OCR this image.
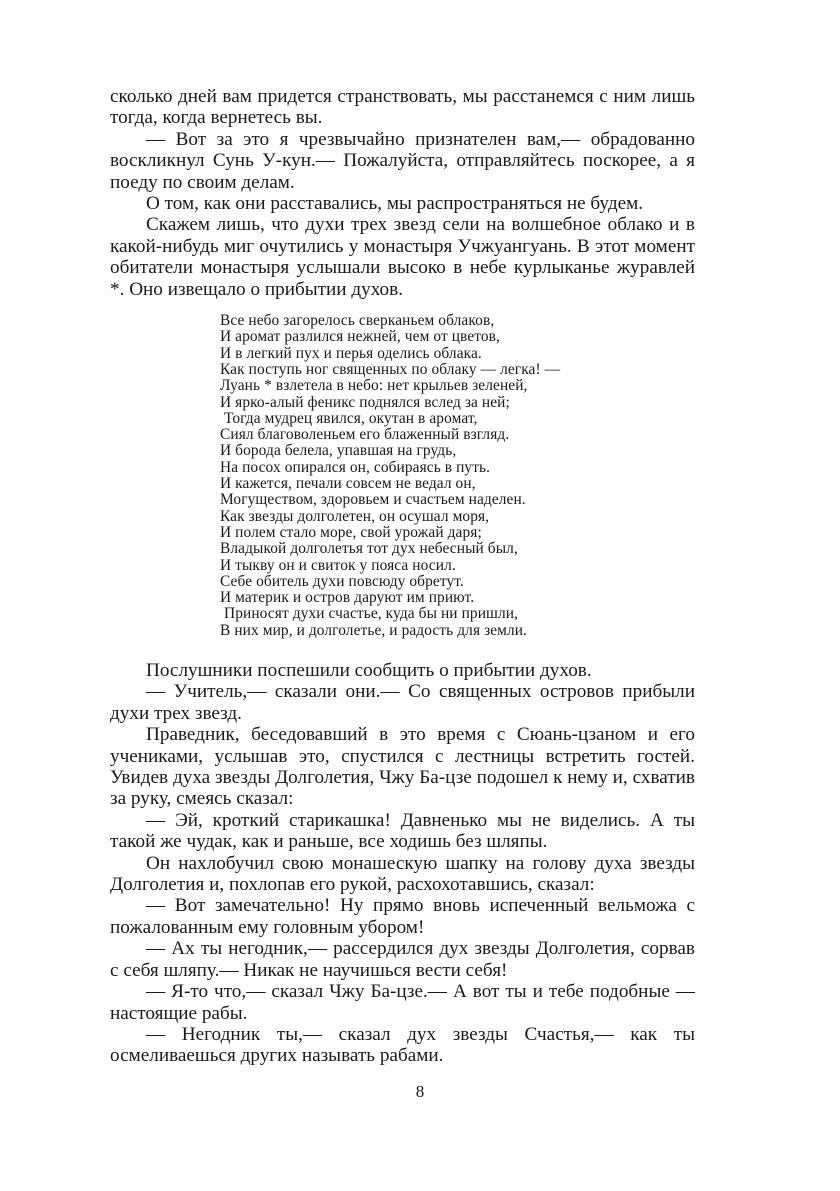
сколько дней вам придется странствовать, мы расстанемся с ним лишь тогда, когда вернетесь вы.

— Вот за это я чрезвычайно признателен вам,— обрадованно воскликнул Сунь У-кун.— Пожалуйста, отправляйтесь поскорее, а я поеду по своим делам.

О том, как они расставались, мы распространяться не будем.

Скажем лишь, что духи трех звезд сели на волшебное облако и в какой-нибудь миг очутились у монастыря Учжуангуань. В этот момент обитатели монастыря услышали высоко в небе курлыканье журавлей *. Оно извещало о прибытии духов.

Все небо загорелось сверканьем облаков,
И аромат разлился нежней, чем от цветов,
И в легкий пух и перья оделись облака.
Как поступь ног священных по облаку — легка! —
Луань * взлетела в небо: нет крыльев зеленей,
И ярко-алый феникс поднялся вслед за ней;
Тогда мудрец явился, окутан в аромат,
Сиял благоволеньем его блаженный взгляд.
И борода белела, упавшая на грудь,
На посох опирался он, собираясь в путь.
И кажется, печали совсем не ведал он,
Могуществом, здоровьем и счастьем наделен.
Как звезды долголетен, он осушал моря,
И полем стало море, свой урожай даря;
Владыкой долголетья тот дух небесный был,
И тыкву он и свиток у пояса носил.
Себе обитель духи повсюду обретут.
И материк и остров даруют им приют.
Приносят духи счастье, куда бы ни пришли,
В них мир, и долголетье, и радость для земли.

Послушники поспешили сообщить о прибытии духов.

— Учитель,— сказали они.— Со священных островов прибыли духи трех звезд.

Праведник, беседовавший в это время с Сюань-цзаном и его учениками, услышав это, спустился с лестницы встретить гостей. Увидев духа звезды Долголетия, Чжу Ба-цзе подошел к нему и, схватив за руку, смеясь сказал:

— Эй, кроткий старикашка! Давненько мы не виделись. А ты такой же чудак, как и раньше, все ходишь без шляпы.

Он нахлобучил свою монашескую шапку на голову духа звезды Долголетия и, похлопав его рукой, расхохотавшись, сказал:

— Вот замечательно! Ну прямо вновь испеченный вельможа с пожалованным ему головным убором!

— Ах ты негодник,— рассердился дух звезды Долголетия, сорвав с себя шляпу.— Никак не научишься вести себя!

— Я-то что,— сказал Чжу Ба-цзе.— А вот ты и тебе подобные — настоящие рабы.

— Негодник ты,— сказал дух звезды Счастья,— как ты осмеливаешься других называть рабами.

8
